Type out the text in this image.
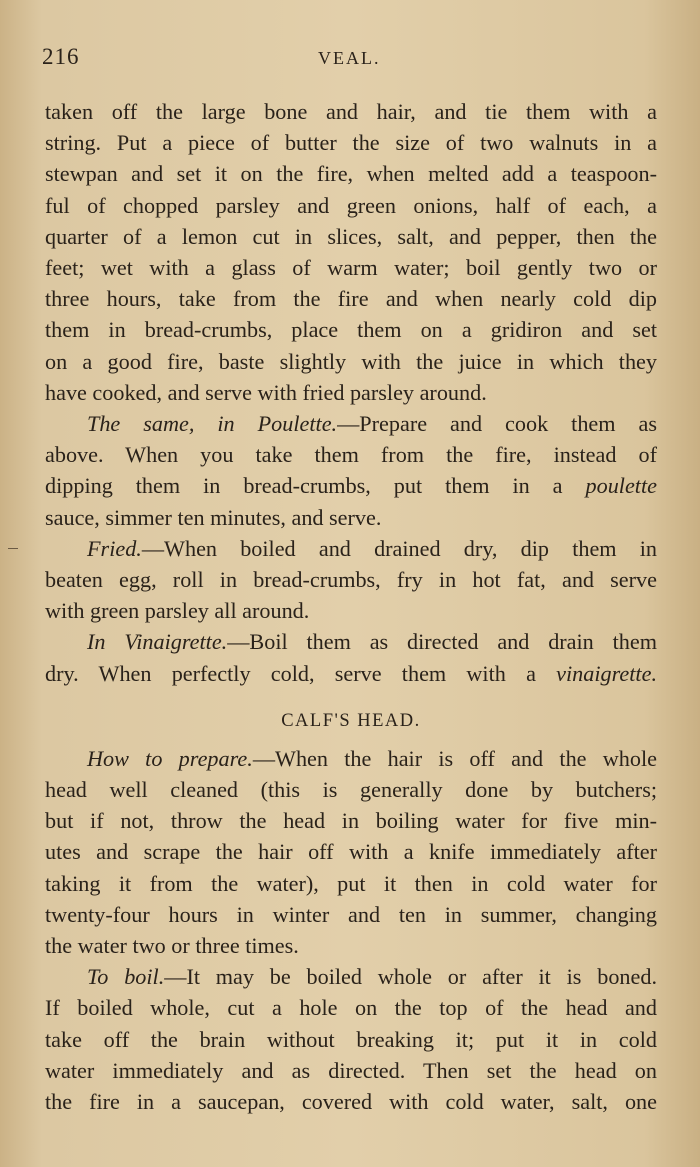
216	VEAL.
taken off the large bone and hair, and tie them with a
string. Put a piece of butter the size of two walnuts in a
stewpan and set it on the fire, when melted add a teaspoon-
ful of chopped parsley and green onions, half of each, a
quarter of a lemon cut in slices, salt, and pepper, then the
feet; wet with a glass of warm water; boil gently two or
three hours, take from the fire and when nearly cold dip
them in bread-crumbs, place them on a gridiron and set
on a good fire, baste slightly with the juice in which they
have cooked, and serve with fried parsley around.
The same, in Poulette.—Prepare and cook them as
above. When you take them from the fire, instead of
dipping them in bread-crumbs, put them in a poulette
sauce, simmer ten minutes, and serve.
Fried.—When boiled and drained dry, dip them in
beaten egg, roll in bread-crumbs, fry in hot fat, and serve
with green parsley all around.
In Vinaigrette.—Boil them as directed and drain them
dry. When perfectly cold, serve them with a vinaigrette.
CALF'S HEAD.
How to prepare.—When the hair is off and the whole
head well cleaned (this is generally done by butchers;
but if not, throw the head in boiling water for five min-
utes and scrape the hair off with a knife immediately after
taking it from the water), put it then in cold water for
twenty-four hours in winter and ten in summer, changing
the water two or three times.
To boil.—It may be boiled whole or after it is boned.
If boiled whole, cut a hole on the top of the head and
take off the brain without breaking it; put it in cold
water immediately and as directed. Then set the head on
the fire in a saucepan, covered with cold water, salt, one
